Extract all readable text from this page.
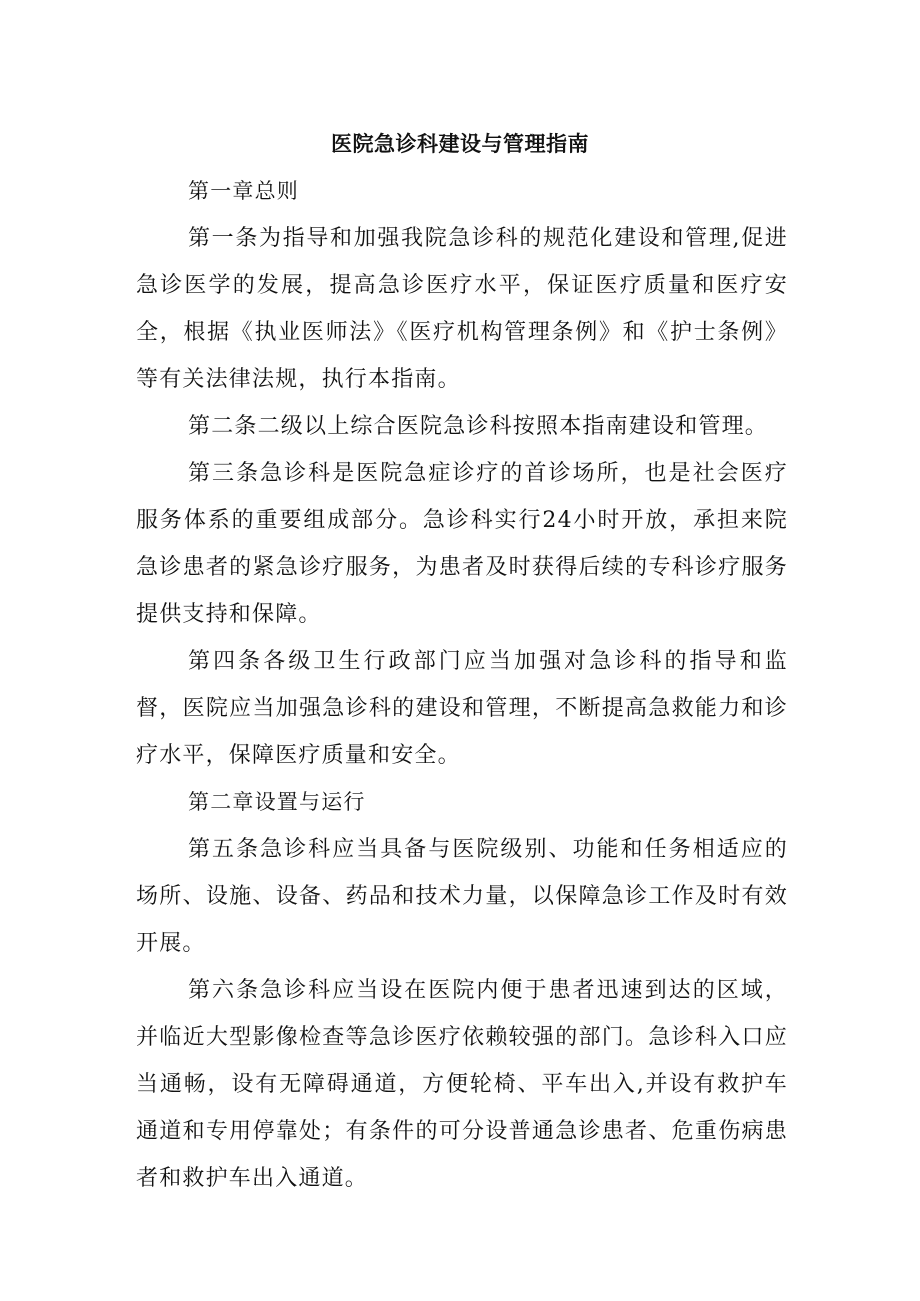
医院急诊科建设与管理指南

第一章总则

第一条为指导和加强我院急诊科的规范化建设和管理,促进急诊医学的发展，提高急诊医疗水平，保证医疗质量和医疗安全，根据《执业医师法》《医疗机构管理条例》和《护士条例》等有关法律法规，执行本指南。

第二条二级以上综合医院急诊科按照本指南建设和管理。

第三条急诊科是医院急症诊疗的首诊场所，也是社会医疗服务体系的重要组成部分。急诊科实行24小时开放，承担来院急诊患者的紧急诊疗服务，为患者及时获得后续的专科诊疗服务提供支持和保障。

第四条各级卫生行政部门应当加强对急诊科的指导和监督，医院应当加强急诊科的建设和管理，不断提高急救能力和诊疗水平，保障医疗质量和安全。

第二章设置与运行

第五条急诊科应当具备与医院级别、功能和任务相适应的场所、设施、设备、药品和技术力量，以保障急诊工作及时有效开展。

第六条急诊科应当设在医院内便于患者迅速到达的区域，并临近大型影像检查等急诊医疗依赖较强的部门。急诊科入口应当通畅，设有无障碍通道，方便轮椅、平车出入,并设有救护车通道和专用停靠处；有条件的可分设普通急诊患者、危重伤病患者和救护车出入通道。
